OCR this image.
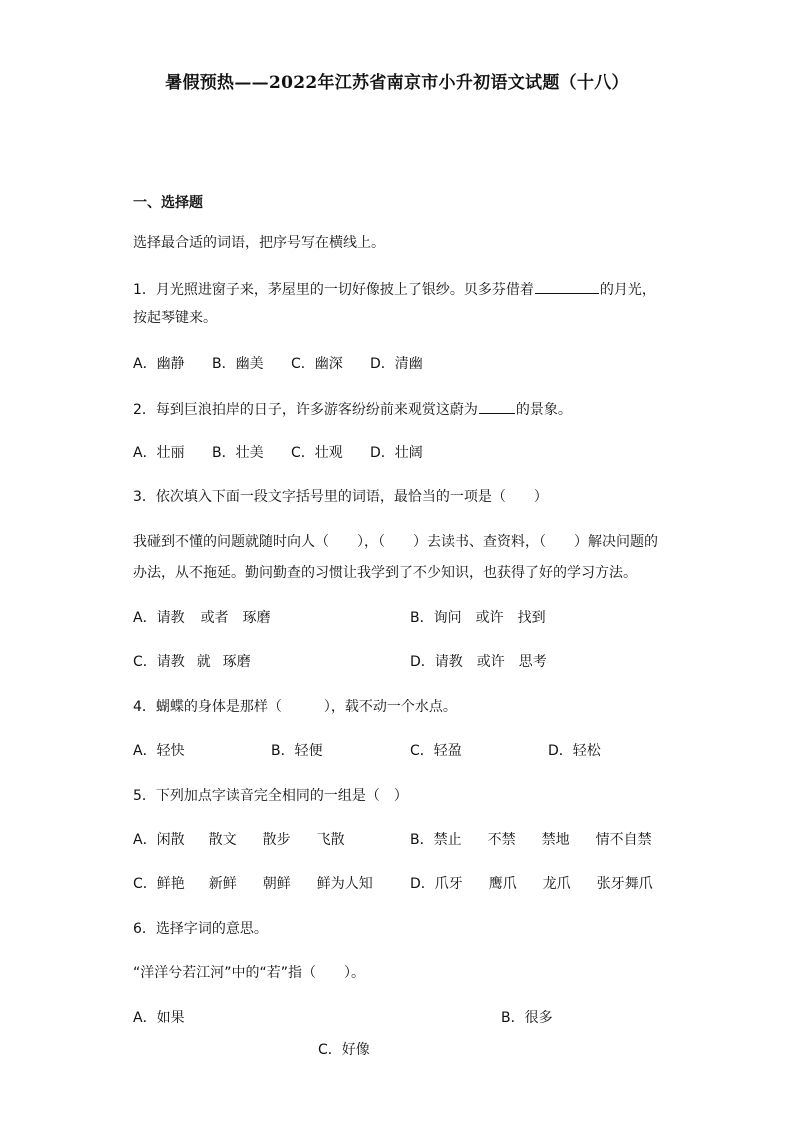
暑假预热——2022年江苏省南京市小升初语文试题（十八）
一、选择题
选择最合适的词语，把序号写在横线上。
1．月光照进窗子来，茅屋里的一切好像披上了银纱。贝多芬借着	的月光，
按起琴键来。
A．幽静 B．幽美 C．幽深 D．清幽
2．每到巨浪拍岸的日子，许多游客纷纷前来观赏这蔚为	的景象。
A．壮丽 B．壮美 C．壮观 D．壮阔
3．依次填入下面一段文字括号里的词语，最恰当的一项是（　　）
我碰到不懂的问题就随时向人（　　），（　　）去读书、查资料，（　　）解决问题的
办法，从不拖延。勤问勤查的习惯让我学到了不少知识，也获得了好的学习方法。
A．请教 或者 琢磨	B．询问 或许 找到
C．请教 就 琢磨	D．请教 或许 思考
4．蝴蝶的身体是那样（　　　），载不动一个水点。
A．轻快	B．轻便	C．轻盈	D．轻松
5．下列加点字读音完全相同的一组是（　）
A．闲散 散文 散步 飞散	B．禁止 不禁 禁地 情不自禁
C．鲜艳 新鲜 朝鲜 鲜为人知	D．爪牙 鹰爪 龙爪 张牙舞爪
6．选择字词的意思。
“洋洋兮若江河”中的“若”指（　　）。
A．如果	B．很多
C．好像
